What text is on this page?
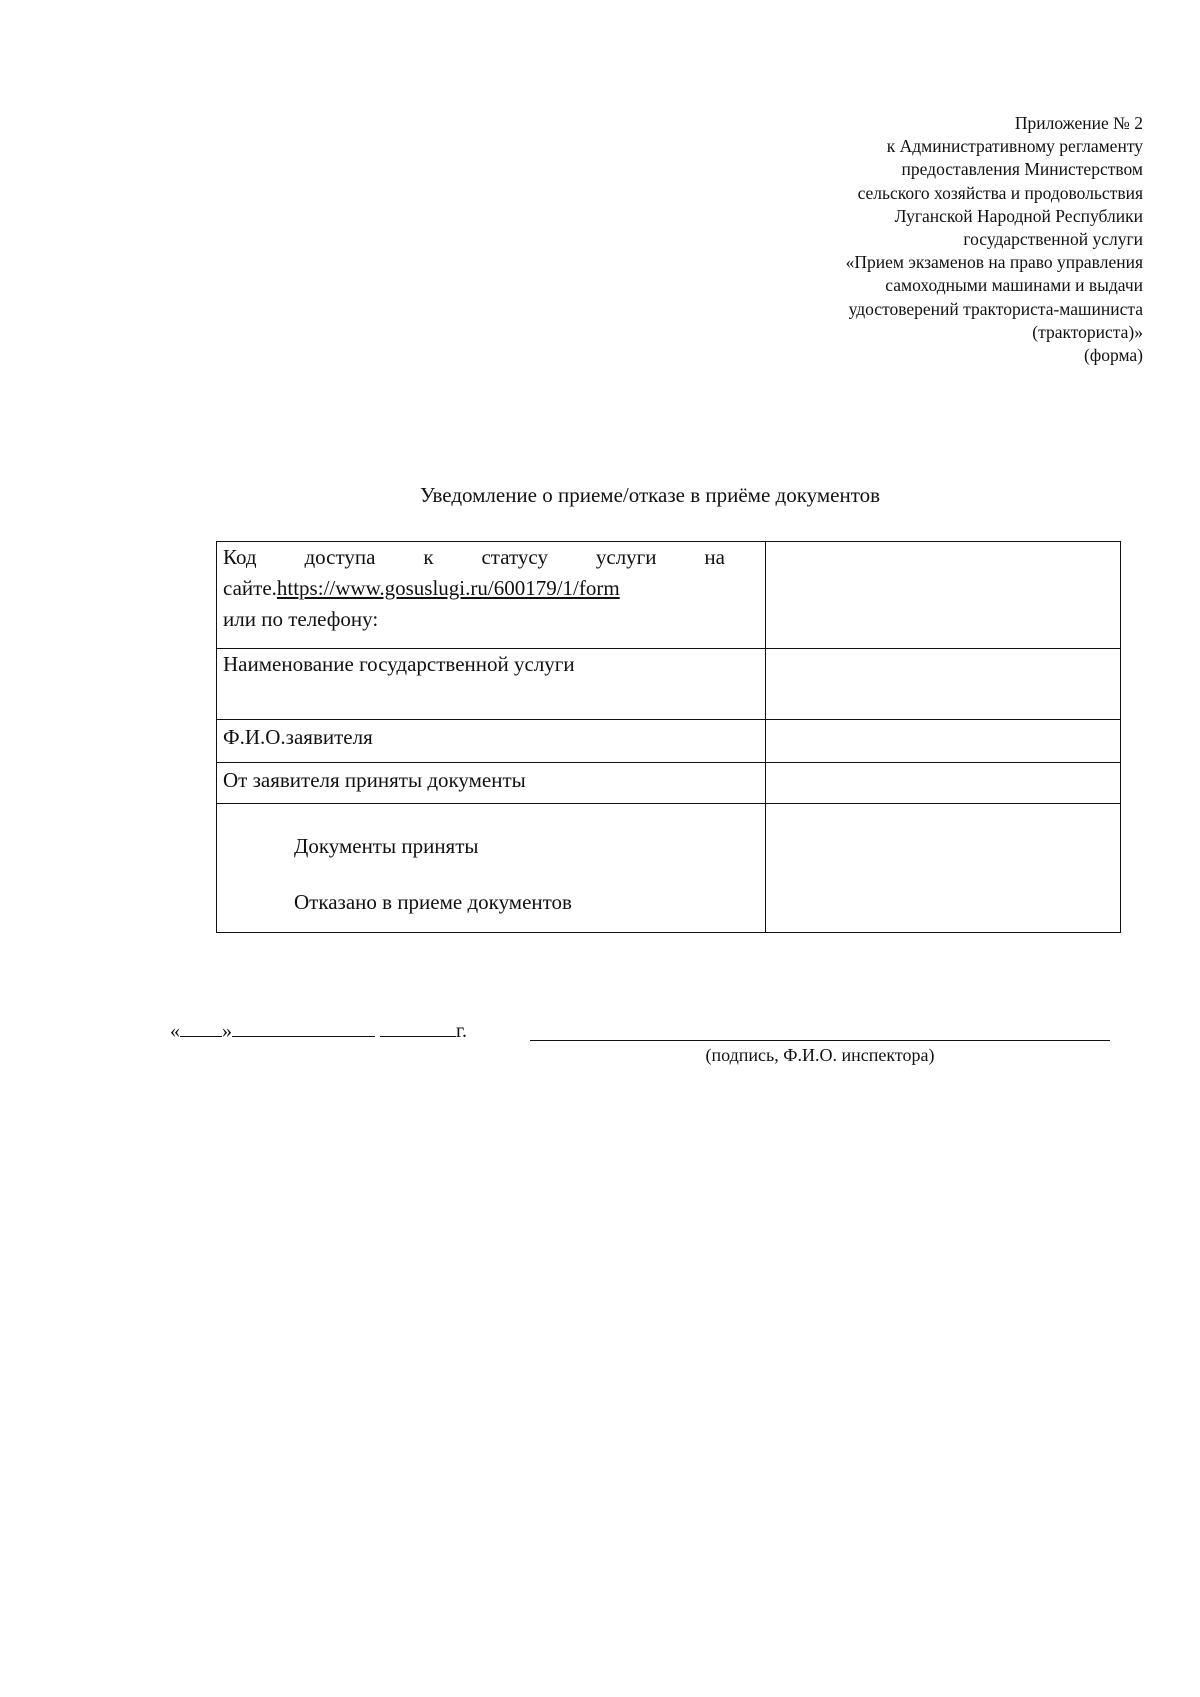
Приложение № 2
к Административному регламенту
предоставления Министерством
сельского хозяйства и продовольствия
Луганской Народной Республики
государственной услуги
«Прием экзаменов на право управления
самоходными машинами и выдачи
удостоверений тракториста-машиниста
(тракториста)»
(форма)
Уведомление о приеме/отказе в приёме документов
Код доступа к статусу услуги на
сайте.https://www.gosuslugi.ru/600179/1/form
или по телефону:	

Наименование государственной услуги	

Ф.И.О.заявителя	

От заявителя приняты документы	

Документы приняты
Отказано в приеме документов	

« »	г.
(подпись, Ф.И.О. инспектора)
